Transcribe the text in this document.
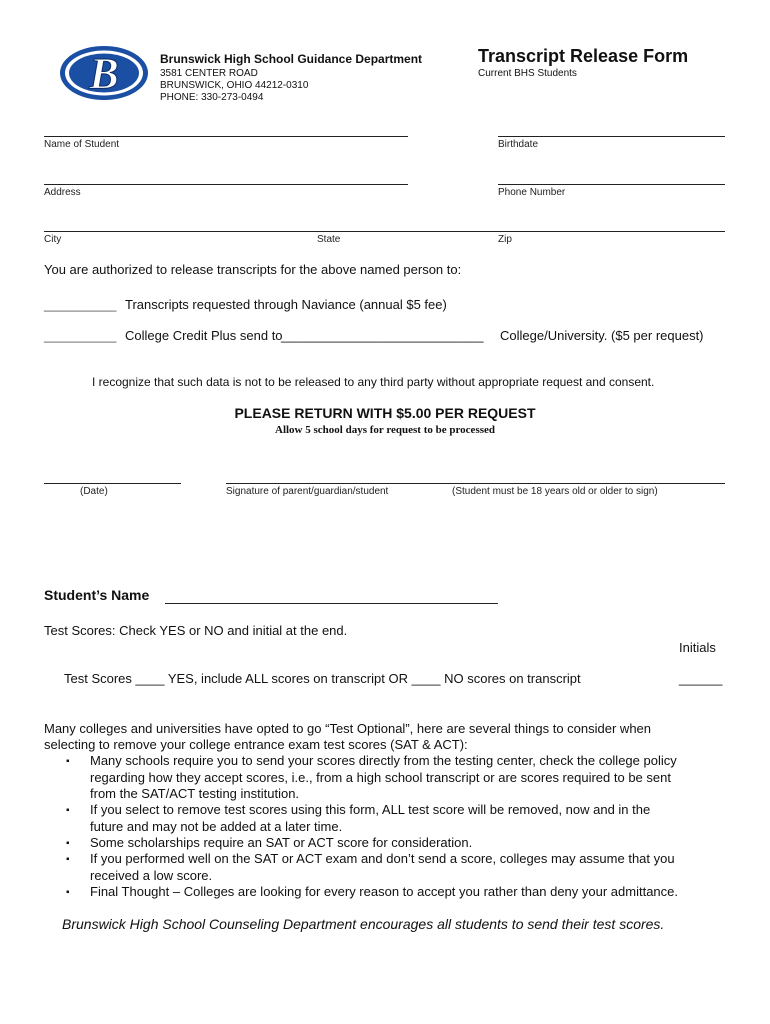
B	Brunswick High School Guidance Department
3581 CENTER ROAD
BRUNSWICK, OHIO 44212-0310
PHONE: 330-273-0494
Transcript Release Form
Current BHS Students
Name of Student	Birthdate
Address	Phone Number
City	State	Zip
You are authorized to release transcripts for the above named person to:
__________ Transcripts requested through Naviance (annual $5 fee)
__________ College Credit Plus send to
____________________________ College/University. ($5 per request)
I recognize that such data is not to be released to any third party without appropriate request and consent.
PLEASE RETURN WITH $5.00 PER REQUEST
Allow 5 school days for request to be processed
(Date)	Signature of parent/guardian/student	(Student must be 18 years old or older to sign)
Student’s Name
Test Scores: Check YES or NO and initial at the end.
Initials
Test Scores ____ YES, include ALL scores on transcript OR ____ NO scores on transcript	______
Many colleges and universities have opted to go “Test Optional”, here are several things to consider when
selecting to remove your college entrance exam test scores (SAT & ACT):
▪ Many schools require you to send your scores directly from the testing center, check the college policy
regarding how they accept scores, i.e., from a high school transcript or are scores required to be sent
from the SAT/ACT testing institution.
▪ If you select to remove test scores using this form, ALL test score will be removed, now and in the
future and may not be added at a later time.
▪ Some scholarships require an SAT or ACT score for consideration.
▪ If you performed well on the SAT or ACT exam and don’t send a score, colleges may assume that you
received a low score.
▪ Final Thought – Colleges are looking for every reason to accept you rather than deny your admittance.
Brunswick High School Counseling Department encourages all students to send their test scores.
